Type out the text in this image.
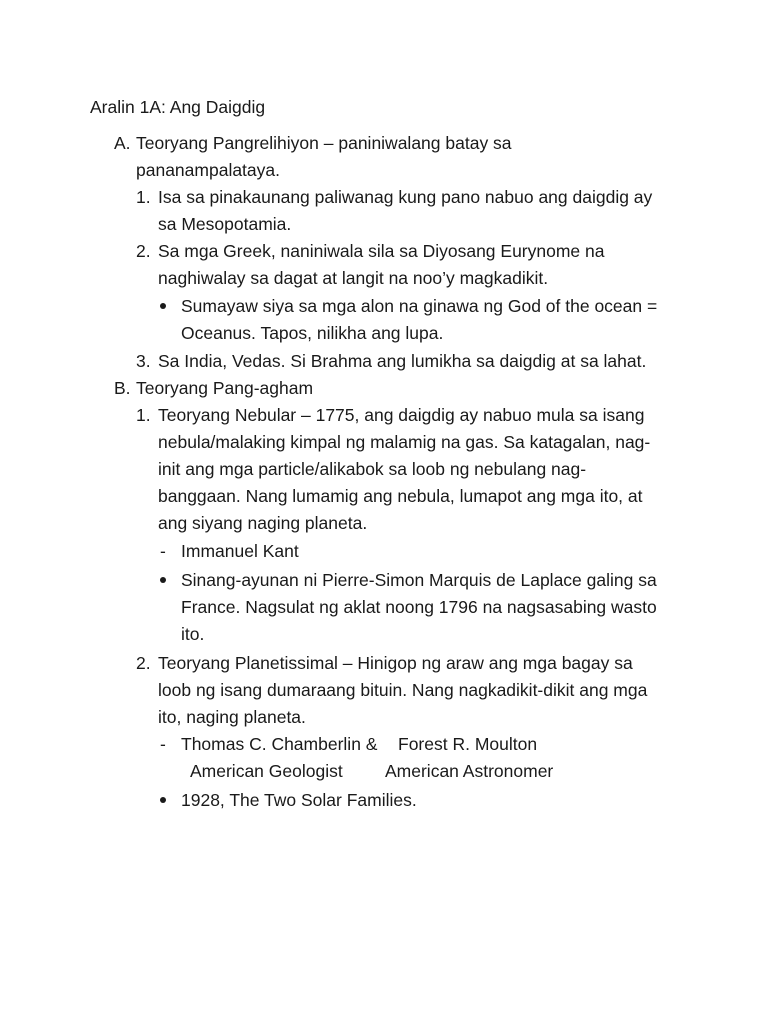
Aralin 1A: Ang Daigdig
A. Teoryang Pangrelihiyon – paniniwalang batay sa
pananampalataya.
1. Isa sa pinakaunang paliwanag kung pano nabuo ang daigdig ay
sa Mesopotamia.
2. Sa mga Greek, naniniwala sila sa Diyosang Eurynome na
naghiwalay sa dagat at langit na noo’y magkadikit.
Sumayaw siya sa mga alon na ginawa ng God of the ocean =
Oceanus. Tapos, nilikha ang lupa.
3. Sa India, Vedas. Si Brahma ang lumikha sa daigdig at sa lahat.
B. Teoryang Pang-agham
1. Teoryang Nebular – 1775, ang daigdig ay nabuo mula sa isang
nebula/malaking kimpal ng malamig na gas. Sa katagalan, nag-
init ang mga particle/alikabok sa loob ng nebulang nag-
banggaan. Nang lumamig ang nebula, lumapot ang mga ito, at
ang siyang naging planeta.
- Immanuel Kant
Sinang-ayunan ni Pierre-Simon Marquis de Laplace galing sa
France. Nagsulat ng aklat noong 1796 na nagsasabing wasto
ito.
2. Teoryang Planetissimal – Hinigop ng araw ang mga bagay sa
loob ng isang dumaraang bituin. Nang nagkadikit-dikit ang mga
ito, naging planeta.
- Thomas C. Chamberlin & Forest R. Moulton
American Geologist American Astronomer
1928, The Two Solar Families.
